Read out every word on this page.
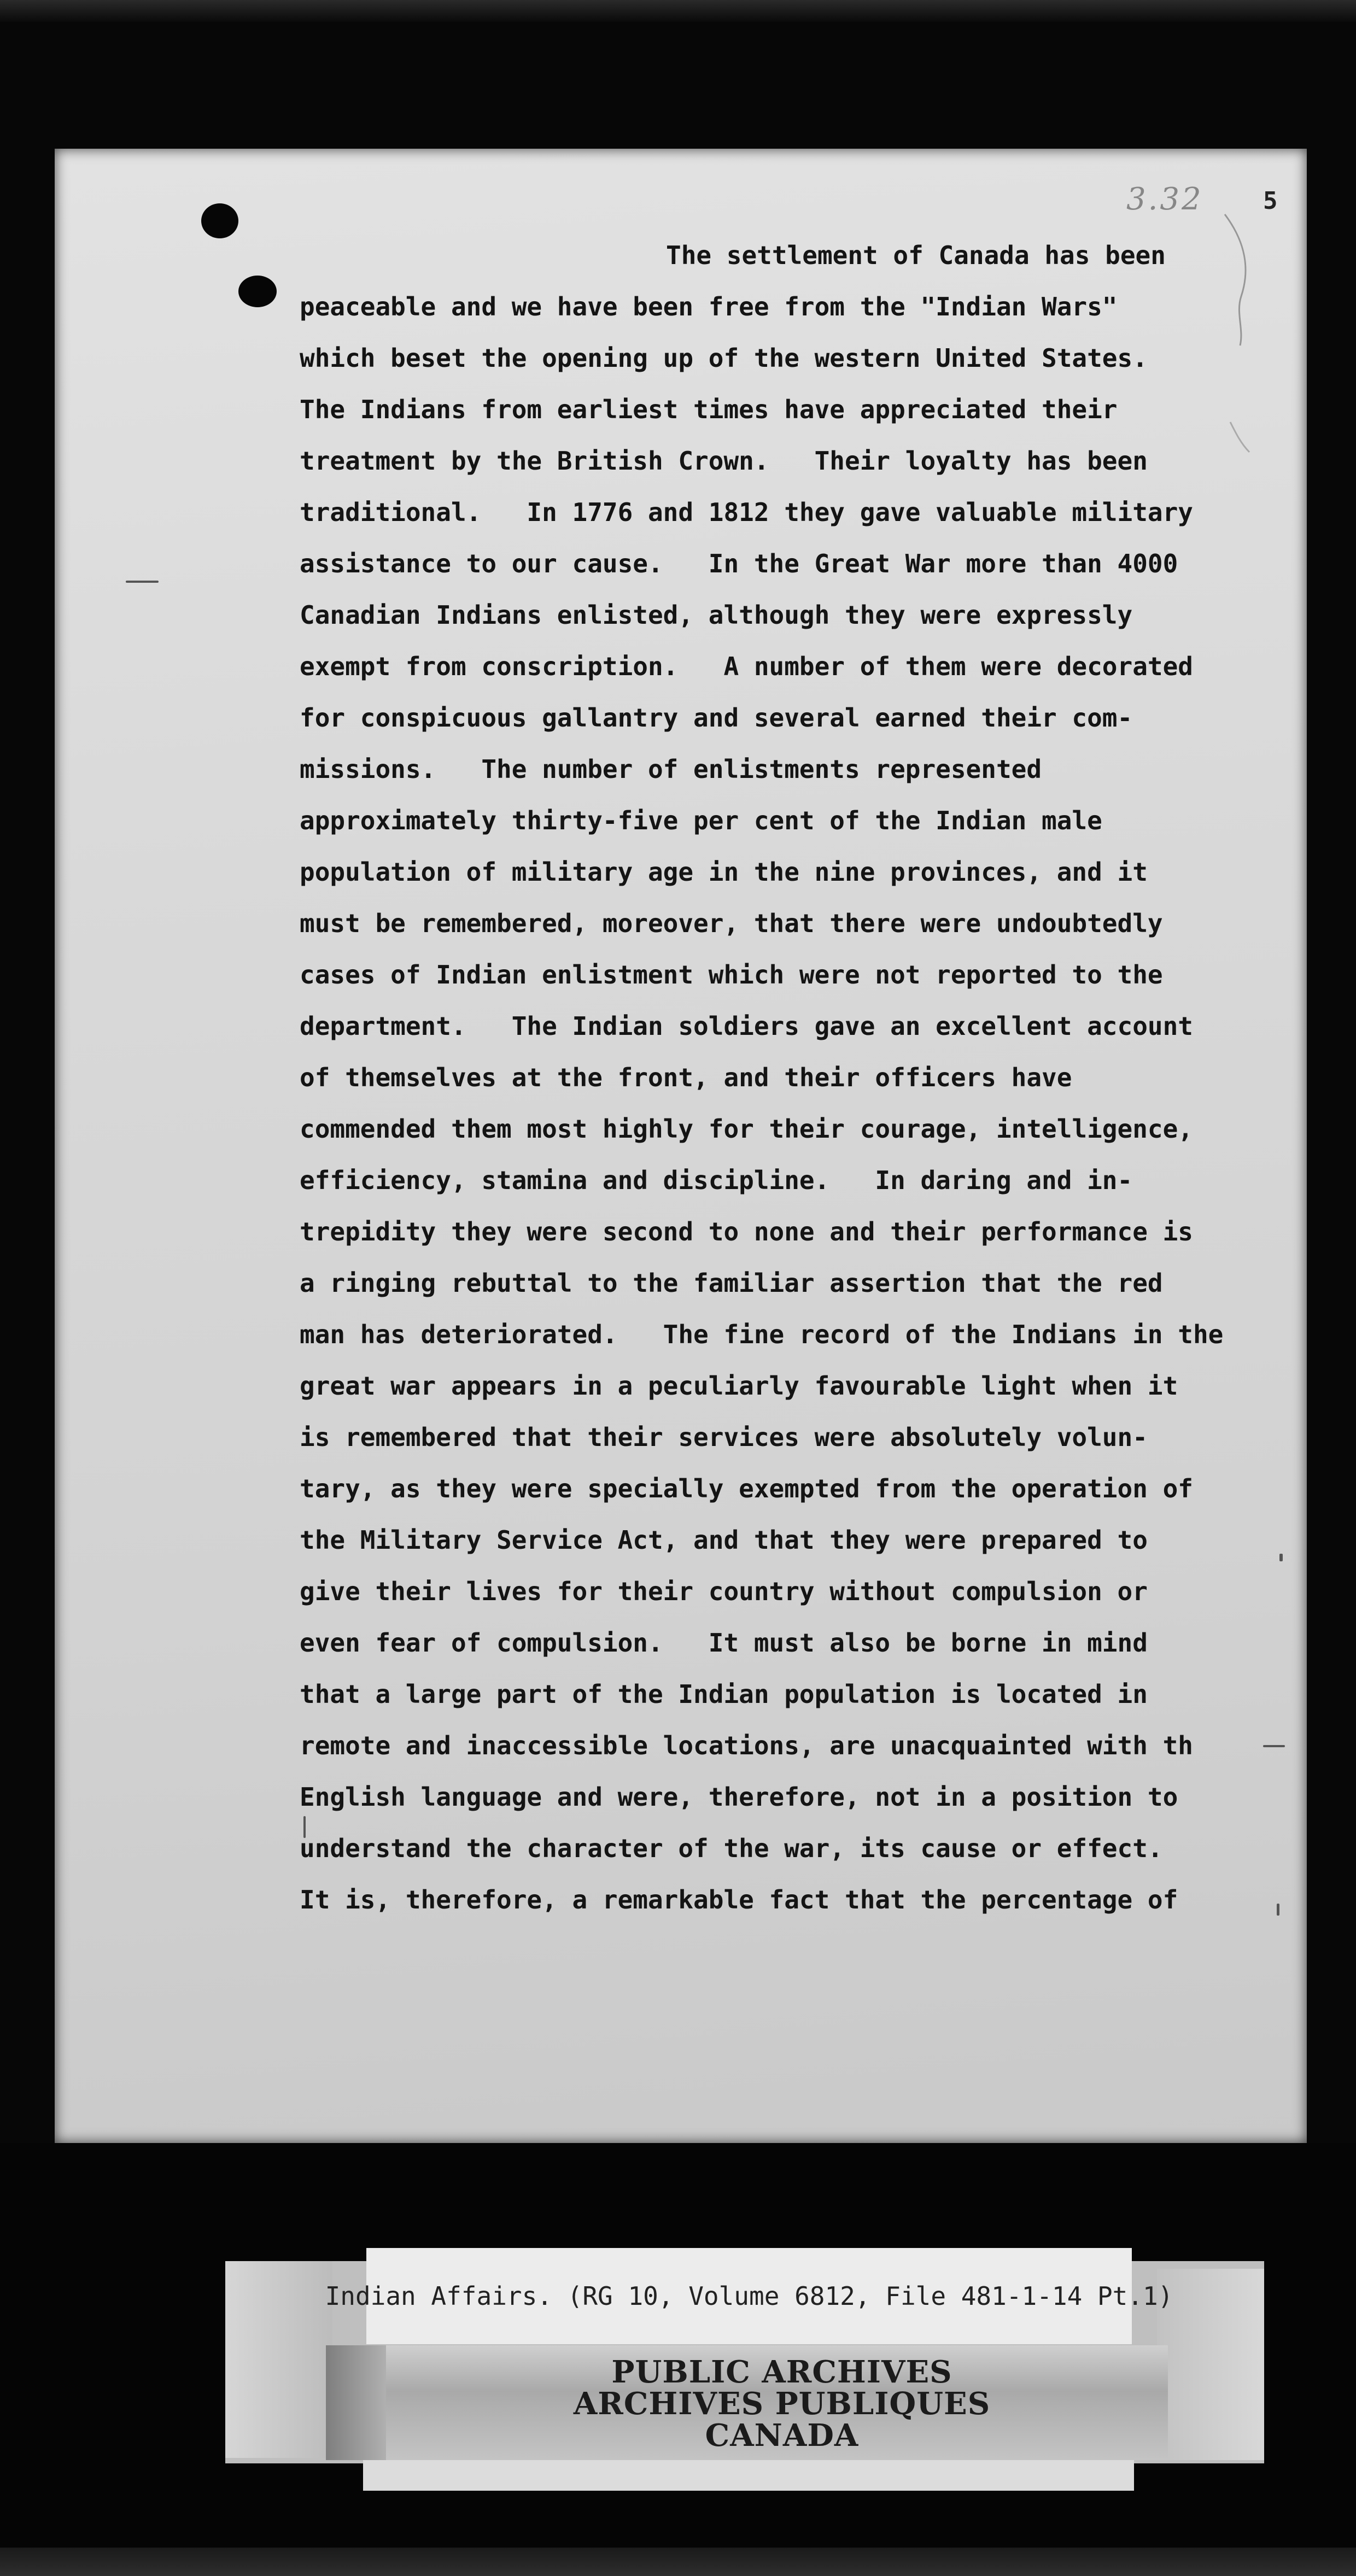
3.32 5
The settlement of Canada has been
peaceable and we have been free from the "Indian Wars"
which beset the opening up of the western United States.
The Indians from earliest times have appreciated their
treatment by the British Crown.   Their loyalty has been
traditional.   In 1776 and 1812 they gave valuable military
assistance to our cause.   In the Great War more than 4000
Canadian Indians enlisted, although they were expressly
exempt from conscription.   A number of them were decorated
for conspicuous gallantry and several earned their com-
missions.   The number of enlistments represented
approximately thirty-five per cent of the Indian male
population of military age in the nine provinces, and it
must be remembered, moreover, that there were undoubtedly
cases of Indian enlistment which were not reported to the
department.   The Indian soldiers gave an excellent account
of themselves at the front, and their officers have
commended them most highly for their courage, intelligence,
efficiency, stamina and discipline.   In daring and in-
trepidity they were second to none and their performance is
a ringing rebuttal to the familiar assertion that the red
man has deteriorated.   The fine record of the Indians in the
great war appears in a peculiarly favourable light when it
is remembered that their services were absolutely volun-
tary, as they were specially exempted from the operation of
the Military Service Act, and that they were prepared to
give their lives for their country without compulsion or
even fear of compulsion.   It must also be borne in mind
that a large part of the Indian population is located in
remote and inaccessible locations, are unacquainted with th
English language and were, therefore, not in a position to
understand the character of the war, its cause or effect.
It is, therefore, a remarkable fact that the percentage of
Indian Affairs. (RG 10, Volume 6812, File 481-1-14 Pt.1)
PUBLIC ARCHIVES
ARCHIVES PUBLIQUES
CANADA
